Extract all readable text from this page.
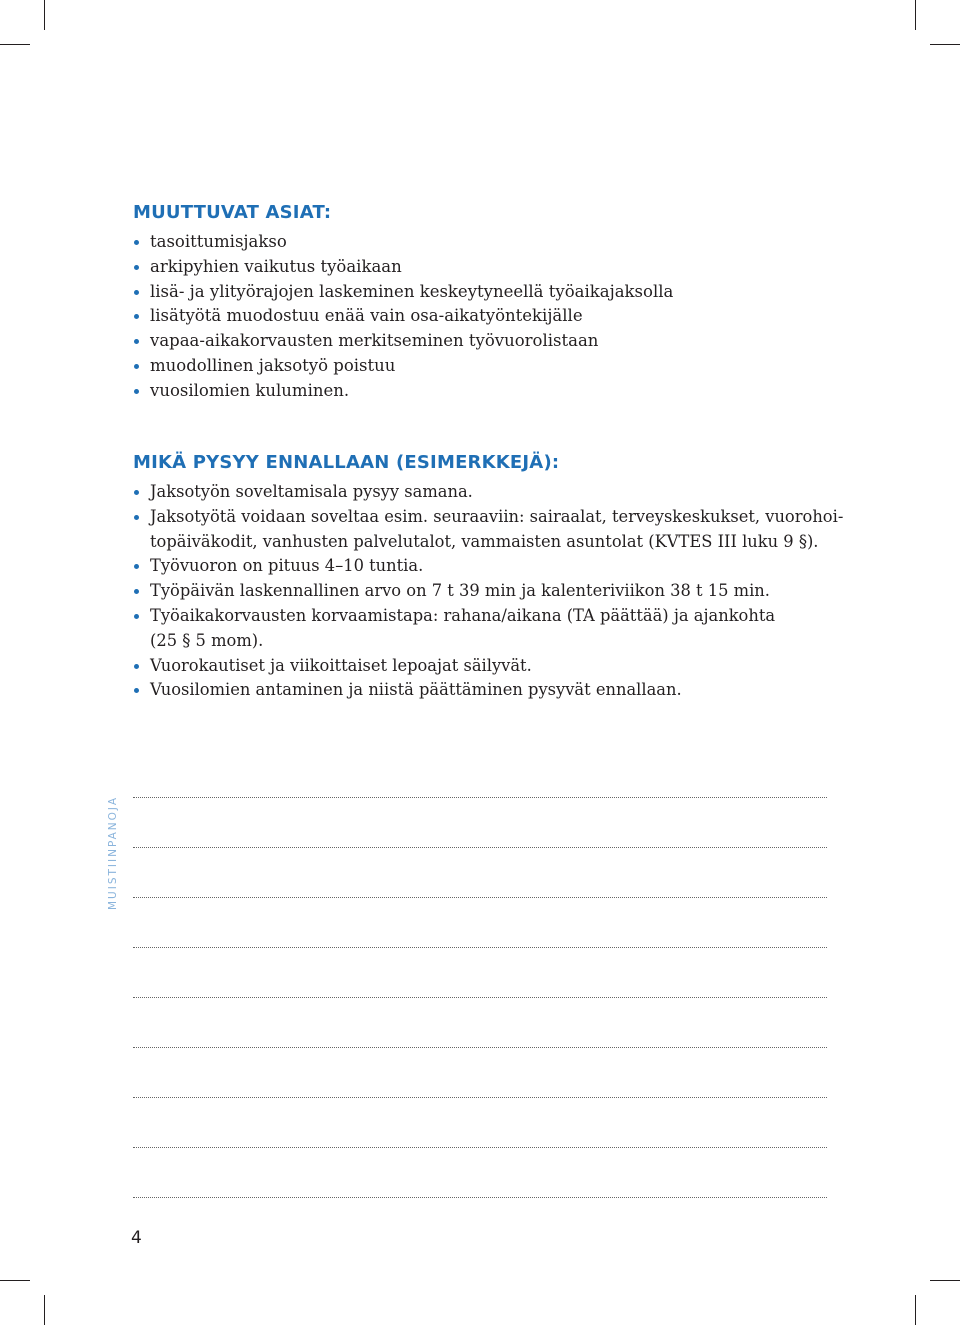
MUUTTUVAT ASIAT:
tasoittumisjakso
arkipyhien vaikutus työaikaan
lisä- ja ylityörajojen laskeminen keskeytyneellä työaikajaksolla
lisätyötä muodostuu enää vain osa-aikatyöntekijälle
vapaa-aikakorvausten merkitseminen työvuorolistaan
muodollinen jaksotyö poistuu
vuosilomien kuluminen.
MIKÄ PYSYY ENNALLAAN (ESIMERKKEJÄ):
Jaksotyön soveltamisala pysyy samana.
Jaksotyötä voidaan soveltaa esim. seuraaviin: sairaalat, terveyskeskukset, vuorohoi-
topäiväkodit, vanhusten palvelutalot, vammaisten asuntolat (KVTES III luku 9 §).
Työvuoron on pituus 4–10 tuntia.
Työpäivän laskennallinen arvo on 7 t 39 min ja kalenteriviikon 38 t 15 min.
Työaikakorvausten korvaamistapa: rahana/aikana (TA päättää) ja ajankohta
(25 § 5 mom).
Vuorokautiset ja viikoittaiset lepoajat säilyvät.
Vuosilomien antaminen ja niistä päättäminen pysyvät ennallaan.
MUISTIINPANOJA
4
